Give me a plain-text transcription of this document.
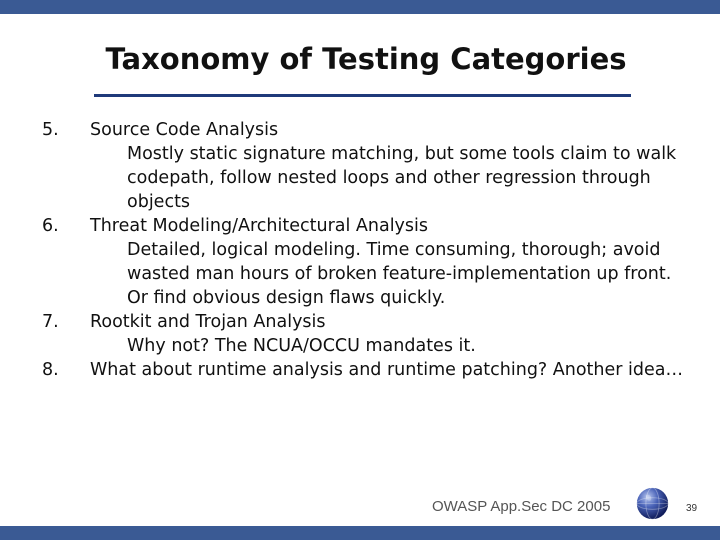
Taxonomy of Testing Categories
5. Source Code Analysis
Mostly static signature matching, but some tools claim to walk
codepath, follow nested loops and other regression through
objects
6. Threat Modeling/Architectural Analysis
Detailed, logical modeling. Time consuming, thorough; avoid
wasted man hours of broken feature-implementation up front.
Or find obvious design flaws quickly.
7. Rootkit and Trojan Analysis
Why not? The NCUA/OCCU mandates it.
8. What about runtime analysis and runtime patching? Another idea…
OWASP App.Sec DC 2005	39
